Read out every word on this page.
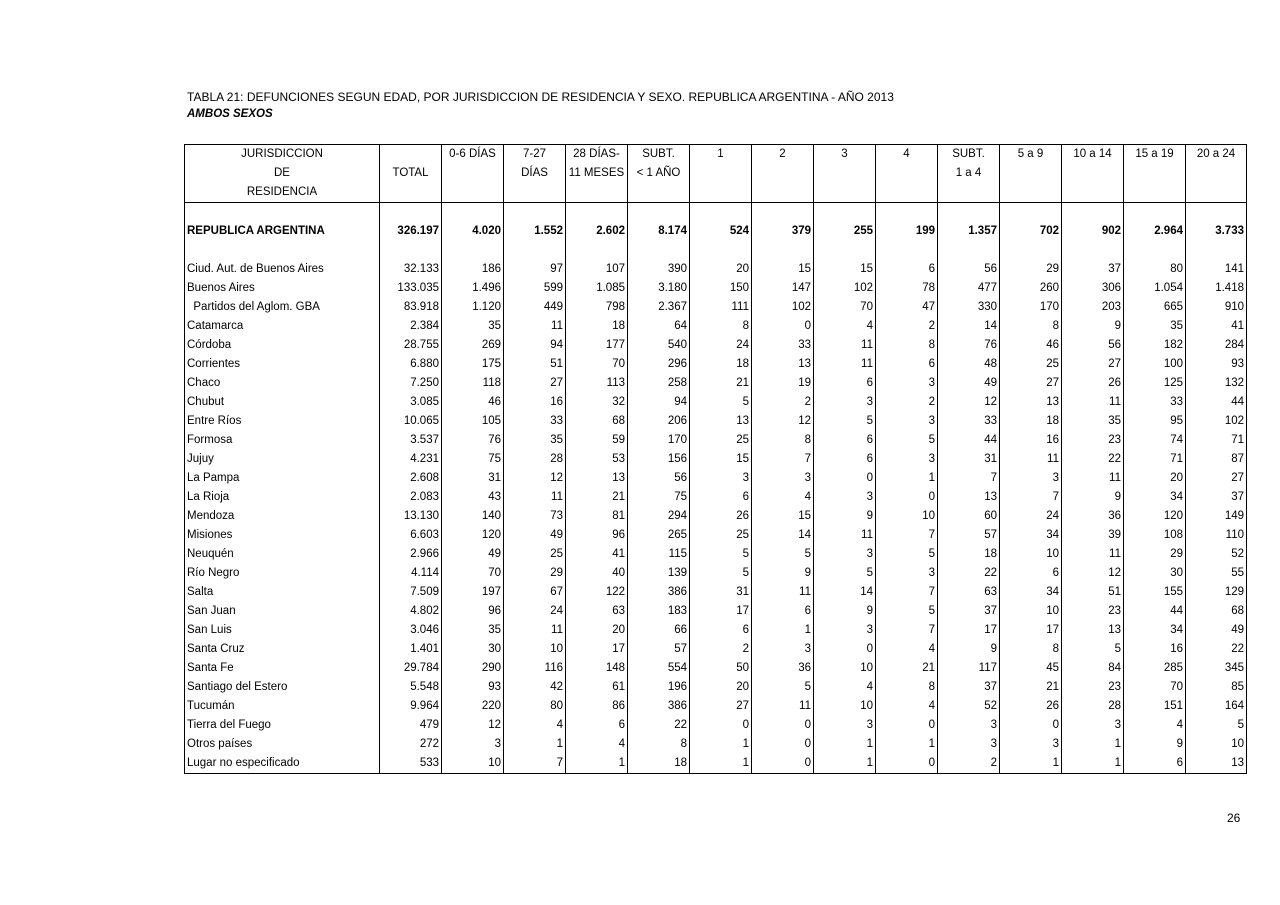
TABLA 21: DEFUNCIONES SEGUN EDAD, POR JURISDICCION DE RESIDENCIA Y SEXO. REPUBLICA ARGENTINA - AÑO 2013
AMBOS SEXOS
JURISDICCION		0-6 DÍAS	7-27	28 DÍAS-	SUBT.	1	2	3	4	SUBT.	5 a 9	10 a 14	15 a 19	20 a 24
DE	TOTAL		DÍAS	11 MESES	< 1 AÑO					1 a 4				
RESIDENCIA														

REPUBLICA ARGENTINA	326.197	4.020	1.552	2.602	8.174	524	379	255	199	1.357	702	902	2.964	3.733

Ciud. Aut. de Buenos Aires	32.133	186	97	107	390	20	15	15	6	56	29	37	80	141
Buenos Aires	133.035	1.496	599	1.085	3.180	150	147	102	78	477	260	306	1.054	1.418
Partidos del Aglom. GBA	83.918	1.120	449	798	2.367	111	102	70	47	330	170	203	665	910
Catamarca	2.384	35	11	18	64	8	0	4	2	14	8	9	35	41
Córdoba	28.755	269	94	177	540	24	33	11	8	76	46	56	182	284
Corrientes	6.880	175	51	70	296	18	13	11	6	48	25	27	100	93
Chaco	7.250	118	27	113	258	21	19	6	3	49	27	26	125	132
Chubut	3.085	46	16	32	94	5	2	3	2	12	13	11	33	44
Entre Ríos	10.065	105	33	68	206	13	12	5	3	33	18	35	95	102
Formosa	3.537	76	35	59	170	25	8	6	5	44	16	23	74	71
Jujuy	4.231	75	28	53	156	15	7	6	3	31	11	22	71	87
La Pampa	2.608	31	12	13	56	3	3	0	1	7	3	11	20	27
La Rioja	2.083	43	11	21	75	6	4	3	0	13	7	9	34	37
Mendoza	13.130	140	73	81	294	26	15	9	10	60	24	36	120	149
Misiones	6.603	120	49	96	265	25	14	11	7	57	34	39	108	110
Neuquén	2.966	49	25	41	115	5	5	3	5	18	10	11	29	52
Río Negro	4.114	70	29	40	139	5	9	5	3	22	6	12	30	55
Salta	7.509	197	67	122	386	31	11	14	7	63	34	51	155	129
San Juan	4.802	96	24	63	183	17	6	9	5	37	10	23	44	68
San Luis	3.046	35	11	20	66	6	1	3	7	17	17	13	34	49
Santa Cruz	1.401	30	10	17	57	2	3	0	4	9	8	5	16	22
Santa Fe	29.784	290	116	148	554	50	36	10	21	117	45	84	285	345
Santiago del Estero	5.548	93	42	61	196	20	5	4	8	37	21	23	70	85
Tucumán	9.964	220	80	86	386	27	11	10	4	52	26	28	151	164
Tierra del Fuego	479	12	4	6	22	0	0	3	0	3	0	3	4	5
Otros países	272	3	1	4	8	1	0	1	1	3	3	1	9	10
Lugar no especificado	533	10	7	1	18	1	0	1	0	2	1	1	6	13
26
